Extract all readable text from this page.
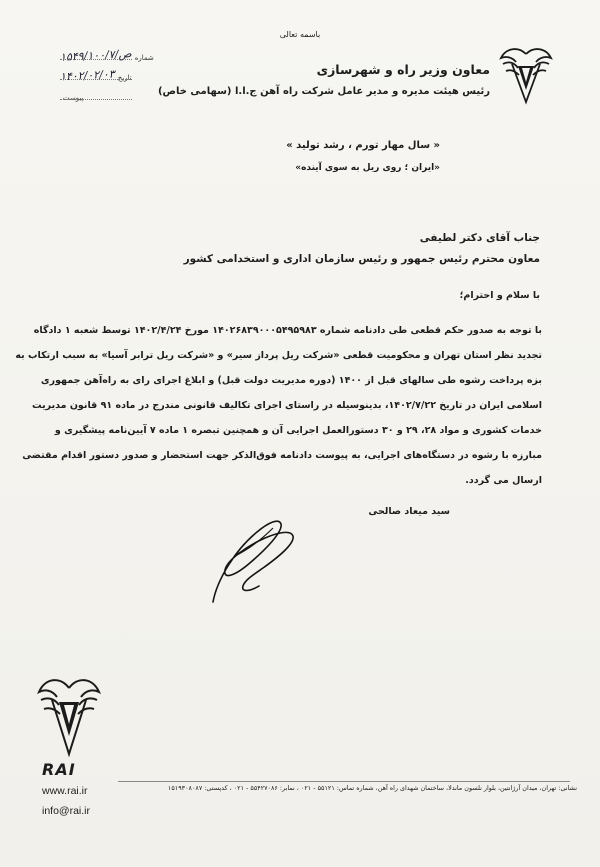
باسمه تعالی
شماره
۱۵۴۹/۱۰۰/۷/ص
تاریخ
۱۴۰۲/۰۲/۰۳
پیوست
معاون وزیر راه و شهرسازی
رئیس هیئت مدیره و مدیر عامل شرکت راه آهن ج.ا.ا (سهامی خاص)
« سال مهار تورم ، رشد تولید »
«ایران ؛ روی ریل به سوی آینده»
جناب آقای دکتر لطیفی
معاون محترم رئیس جمهور و رئیس سازمان اداری و استخدامی کشور
با سلام و احترام؛
با توجه به صدور حکم قطعی طی دادنامه شماره ۱۴۰۲۶۸۳۹۰۰۰۵۴۹۵۹۸۳ مورخ ۱۴۰۲/۴/۲۴ توسط شعبه ۱ دادگاه
تجدید نظر استان تهران و محکومیت قطعی «شرکت ریل پرداز سیر» و «شرکت ریل ترابر آسیا» به سبب ارتکاب به
بزه پرداخت رشوه طی سالهای قبل از ۱۴۰۰ (دوره مدیریت دولت قبل) و ابلاغ اجرای رای به راه‌آهن جمهوری
اسلامی ایران در تاریخ ۱۴۰۲/۷/۲۲، بدینوسیله در راستای اجرای تکالیف قانونی مندرج در ماده ۹۱ قانون مدیریت
خدمات کشوری و مواد ۲۸، ۲۹ و ۳۰ دستورالعمل اجرایی آن و همچنین تبصره ۱ ماده ۷ آیین‌نامه پیشگیری و
مبارزه با رشوه در دستگاه‌های اجرایی، به پیوست دادنامه فوق‌الذکر جهت استحضار و صدور دستور اقدام مقتضی
ارسال می گردد.
سید میعاد صالحی
RAI
www.rai.ir
info@rai.ir
نشانی: تهران، میدان آرژانتین، بلوار نلسون ماندلا، ساختمان شهدای راه آهن، شماره تماس: ۵۵۱۲۱ - ۰۲۱ ، نمابر: ۵۵۴۲۷۰۸۶ - ۰۲۱ ، کدپستی: ۱۵۱۹۳۰۸۰۸۷
